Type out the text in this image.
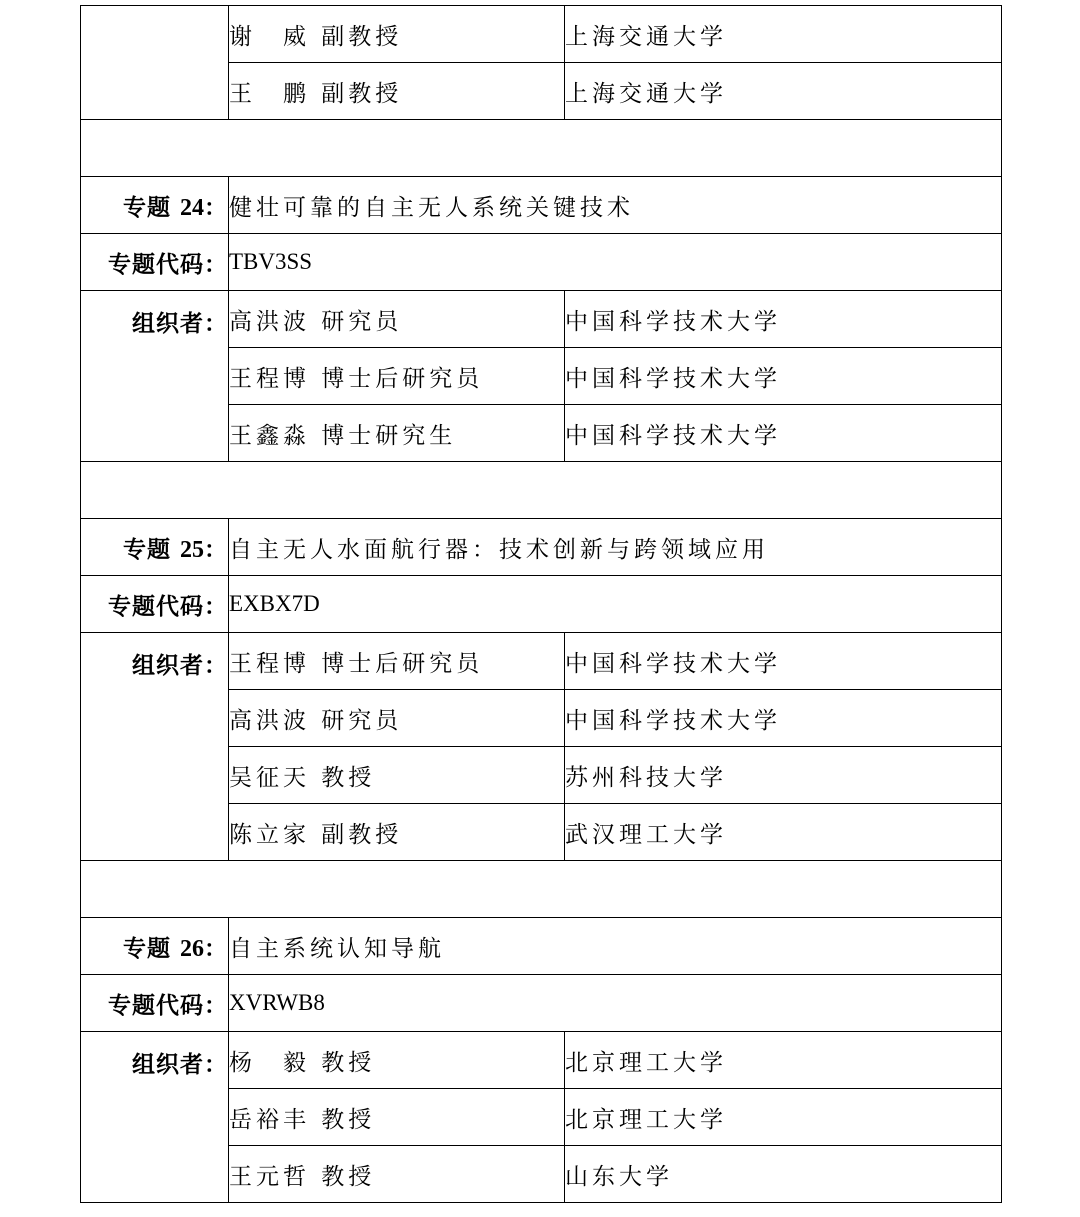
	谢　威 副教授	上海交通大学
	王　鹏 副教授	上海交通大学

专题 24：	健壮可靠的自主无人系统关键技术	
专题代码：	TBV3SS	
组织者：	高洪波 研究员	中国科学技术大学
	王程博 博士后研究员	中国科学技术大学
	王鑫淼 博士研究生	中国科学技术大学

专题 25：	自主无人水面航行器：技术创新与跨领域应用	
专题代码：	EXBX7D	
组织者：	王程博 博士后研究员	中国科学技术大学
	高洪波 研究员	中国科学技术大学
	吴征天 教授	苏州科技大学
	陈立家 副教授	武汉理工大学

专题 26：	自主系统认知导航	
专题代码：	XVRWB8	
组织者：	杨　毅 教授	北京理工大学
	岳裕丰 教授	北京理工大学
	王元哲 教授	山东大学
